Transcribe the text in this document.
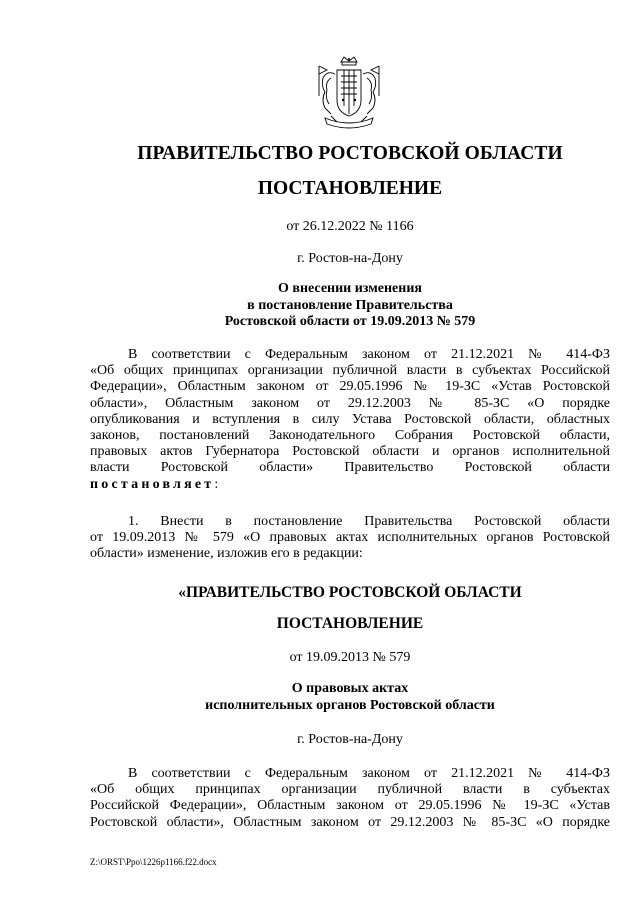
ПРАВИТЕЛЬСТВО РОСТОВСКОЙ ОБЛАСТИ
ПОСТАНОВЛЕНИЕ
от 26.12.2022 № 1166
г. Ростов-на-Дону
О внесении изменения
в постановление Правительства
Ростовской области от 19.09.2013 № 579
В соответствии с Федеральным законом от 21.12.2021 № 414-ФЗ
«Об общих принципах организации публичной власти в субъектах Российской
Федерации», Областным законом от 29.05.1996 № 19-ЗС «Устав Ростовской
области», Областным законом от 29.12.2003 № 85-ЗС «О порядке
опубликования и вступления в силу Устава Ростовской области, областных
законов, постановлений Законодательного Собрания Ростовской области,
правовых актов Губернатора Ростовской области и органов исполнительной
власти Ростовской области» Правительство Ростовской области
постановляет:
1. Внести в постановление Правительства Ростовской области
от 19.09.2013 № 579 «О правовых актах исполнительных органов Ростовской
области» изменение, изложив его в редакции:
«ПРАВИТЕЛЬСТВО РОСТОВСКОЙ ОБЛАСТИ
ПОСТАНОВЛЕНИЕ
от 19.09.2013 № 579
О правовых актах
исполнительных органов Ростовской области
г. Ростов-на-Дону
В соответствии с Федеральным законом от 21.12.2021 № 414-ФЗ
«Об общих принципах организации публичной власти в субъектах
Российской Федерации», Областным законом от 29.05.1996 № 19-ЗС «Устав
Ростовской области», Областным законом от 29.12.2003 № 85-ЗС «О порядке
Z:\ORST\Ppo\1226p1166.f22.docx
